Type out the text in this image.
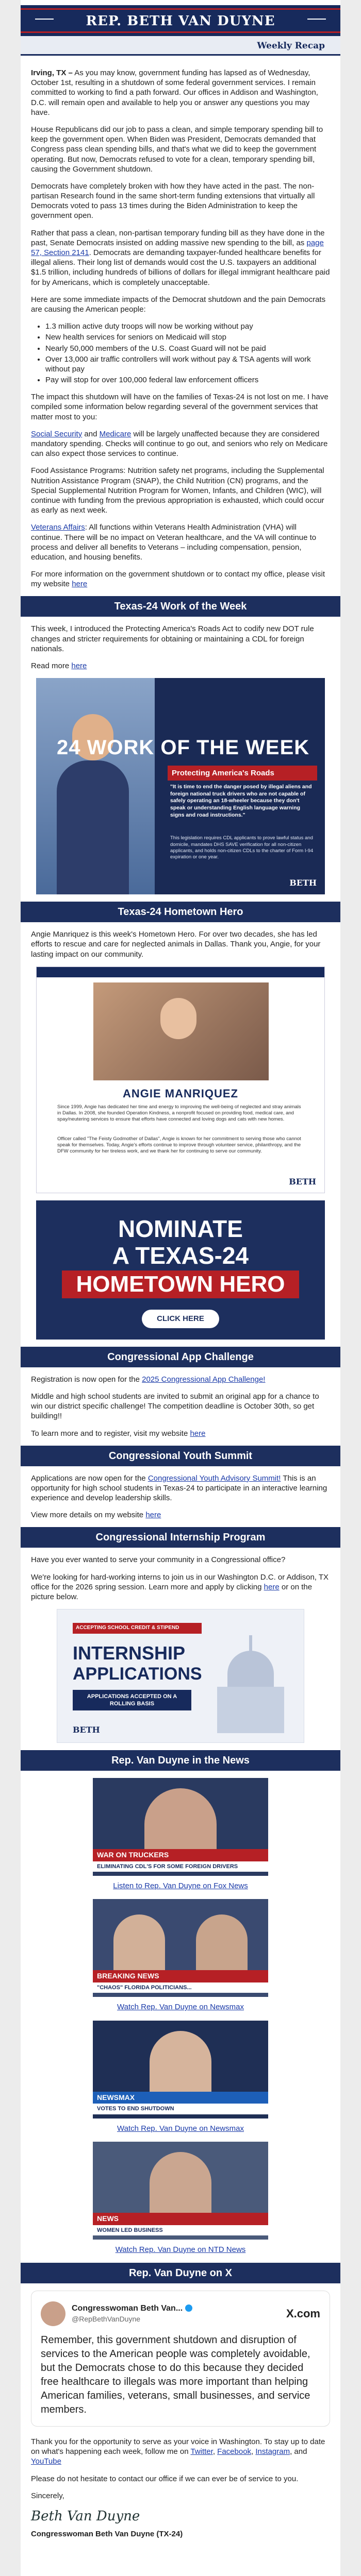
REP. BETH VAN DUYNE
Weekly Recap

Irving, TX – As you may know, government funding has lapsed as of Wednesday, October 1st, resulting in a shutdown of some federal government services. I remain committed to working to find a path forward. Our offices in Addison and Washington, D.C. will remain open and available to help you or answer any questions you may have.

House Republicans did our job to pass a clean, and simple temporary spending bill to keep the government open. When Biden was President, Democrats demanded that Congress pass clean spending bills, and that's what we did to keep the government operating. But now, Democrats refused to vote for a clean, temporary spending bill, causing the Government shutdown.

Democrats have completely broken with how they have acted in the past. The non-partisan Research found in the same short-term funding extensions that virtually all Democrats voted to pass 13 times during the Biden Administration to keep the government open.

Rather that pass a clean, non-partisan temporary funding bill as they have done in the past, Senate Democrats insisted on adding massive new spending to the bill, as page 57, Section 2141. Democrats are demanding taxpayer-funded healthcare benefits for illegal aliens. Their long list of demands would cost the U.S. taxpayers an additional $1.5 trillion, including hundreds of billions of dollars for illegal immigrant healthcare paid for by Americans, which is completely unacceptable.

Here are some immediate impacts of the Democrat shutdown and the pain Democrats are causing the American people:

• 1.3 million active duty troops will now be working without pay
• New health services for seniors on Medicaid will stop
• Nearly 50,000 members of the U.S. Coast Guard will not be paid
• Over 13,000 air traffic controllers will work without pay & TSA agents will work without pay
• Pay will stop for over 100,000 federal law enforcement officers

The impact this shutdown will have on the families of Texas-24 is not lost on me. I have compiled some information below regarding several of the government services that matter most to you:

Social Security and Medicare will be largely unaffected because they are considered mandatory spending. Checks will continue to go out, and seniors who rely on Medicare can also expect those services to continue.

Food Assistance Programs: Nutrition safety net programs, including the Supplemental Nutrition Assistance Program (SNAP), the Child Nutrition (CN) programs, and the Special Supplemental Nutrition Program for Women, Infants, and Children (WIC), will continue with funding from the previous appropriation is exhausted, which could occur as early as next week.

Veterans Affairs: All functions within Veterans Health Administration (VHA) will continue. There will be no impact on Veteran healthcare, and the VA will continue to process and deliver all benefits to Veterans – including compensation, pension, education, and housing benefits.

For more information on the government shutdown or to contact my office, please visit my website here

Texas-24 Work of the Week

This week, I introduced the Protecting America's Roads Act to codify new DOT rule changes and stricter requirements for obtaining or maintaining a CDL for foreign nationals.

Read more here

24 WORK OF THE WEEK
Protecting America's Roads
"It is time to end the danger posed by illegal aliens and foreign national truck drivers who are not capable of safely operating an 18-wheeler because they don't speak or understanding English language warning signs and road instructions."
This legislation requires CDL applicants to prove lawful status and domicile, mandates DHS SAVE verification for all non-citizen applicants, and holds non-citizen CDLs to the charter of Form I-94 expiration or one year.
BETH
Texas-24 Hometown Hero

Angie Manriquez is this week's Hometown Hero. For over two decades, she has led efforts to rescue and care for neglected animals in Dallas. Thank you, Angie, for your lasting impact on our community.

ANGIE MANRIQUEZ
Since 1999, Angie has dedicated her time and energy to improving the well-being of neglected and stray animals in Dallas. In 2008, she founded Operation Kindness, a nonprofit focused on providing food, medical care, and spay/neutering services to ensure that efforts have connected and loving dogs and cats with new homes.
Officer called "The Feisty Godmother of Dallas", Angie is known for her commitment to serving those who cannot speak for themselves. Today, Angie's efforts continue to improve through volunteer service, philanthropy, and the DFW community for her tireless work, and we thank her for continuing to serve our community.
BETH
NOMINATE
A TEXAS-24
HOMETOWN HERO
CLICK HERE
Congressional App Challenge

Registration is now open for the 2025 Congressional App Challenge!

Middle and high school students are invited to submit an original app for a chance to win our district specific challenge! The competition deadline is October 30th, so get building!!

To learn more and to register, visit my website here

Congressional Youth Summit

Applications are now open for the Congressional Youth Advisory Summit! This is an opportunity for high school students in Texas-24 to participate in an interactive learning experience and develop leadership skills.

View more details on my website here

Congressional Internship Program

Have you ever wanted to serve your community in a Congressional office?

We're looking for hard-working interns to join us in our Washington D.C. or Addison, TX office for the 2026 spring session. Learn more and apply by clicking here or on the picture below.

ACCEPTING SCHOOL CREDIT & STIPEND
INTERNSHIP
APPLICATIONS
APPLICATIONS ACCEPTED ON A ROLLING BASIS
BETH
Rep. Van Duyne in the News
WAR ON TRUCKERS
ELIMINATING CDL'S FOR SOME FOREIGN DRIVERS

Listen to Rep. Van Duyne on Fox News

BREAKING NEWS
"CHAOS" FLORIDA POLITICIANS...

Watch Rep. Van Duyne on Newsmax

NEWSMAX
VOTES TO END SHUTDOWN

Watch Rep. Van Duyne on Newsmax

NEWS
WOMEN LED BUSINESS

Watch Rep. Van Duyne on NTD News

Rep. Van Duyne on X
Congresswoman Beth Van...
@RepBethVanDuyne	X.com
Remember, this government shutdown and disruption of services to the American people was completely avoidable, but the Democrats chose to do this because they decided free healthcare to illegals was more important than helping American families, veterans, small businesses, and service members.

Thank you for the opportunity to serve as your voice in Washington. To stay up to date on what's happening each week, follow me on Twitter, Facebook, Instagram, and YouTube

Please do not hesitate to contact our office if we can ever be of service to you.

Sincerely,

Beth Van Duyne

Congresswoman Beth Van Duyne (TX-24)
